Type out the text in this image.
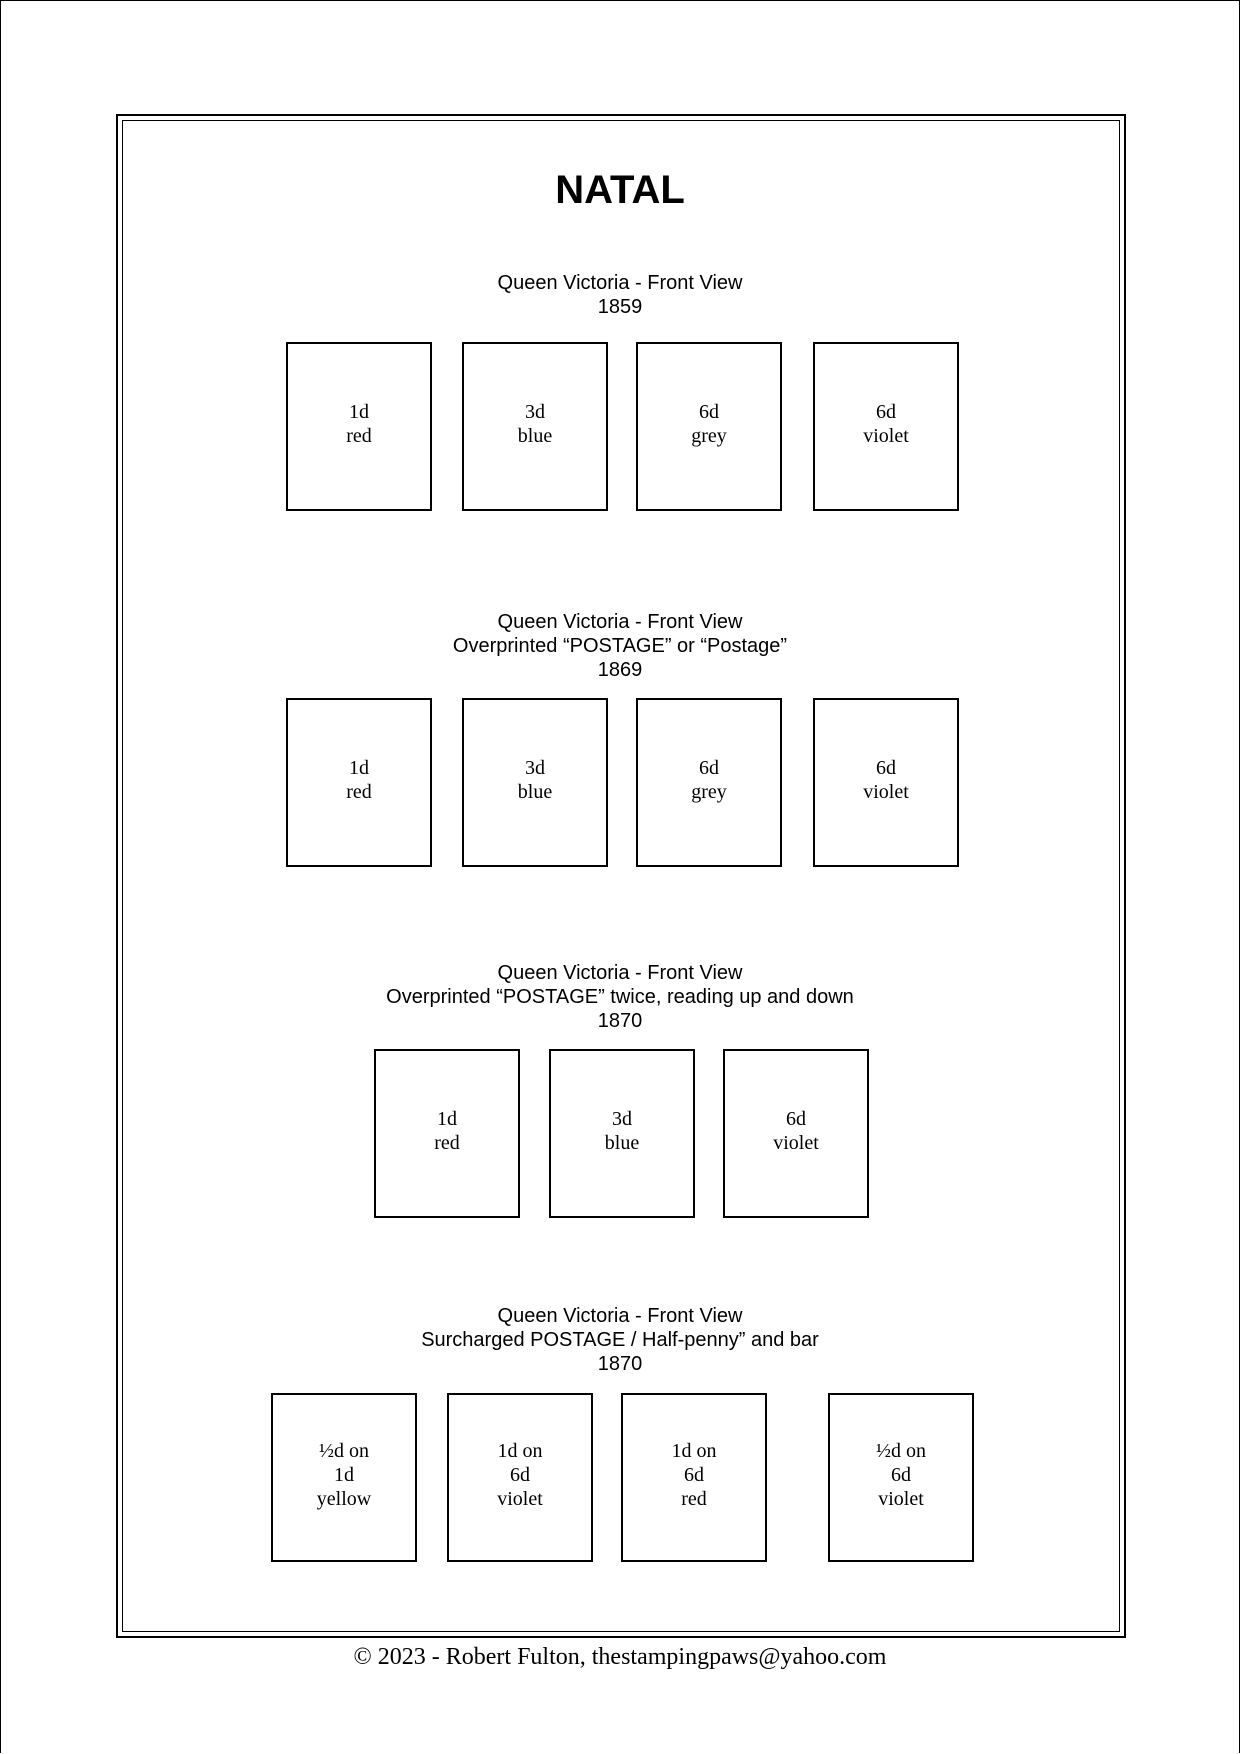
NATAL
Queen Victoria - Front View
1859
1d
red
3d
blue
6d
grey
6d
violet
Queen Victoria - Front View
Overprinted “POSTAGE” or “Postage”
1869
1d
red
3d
blue
6d
grey
6d
violet
Queen Victoria - Front View
Overprinted “POSTAGE” twice, reading up and down
1870
1d
red
3d
blue
6d
violet
Queen Victoria - Front View
Surcharged POSTAGE / Half-penny” and bar
1870
½d on
1d
yellow
1d on
6d
violet
1d on
6d
red
½d on
6d
violet
© 2023 - Robert Fulton, thestampingpaws@yahoo.com
